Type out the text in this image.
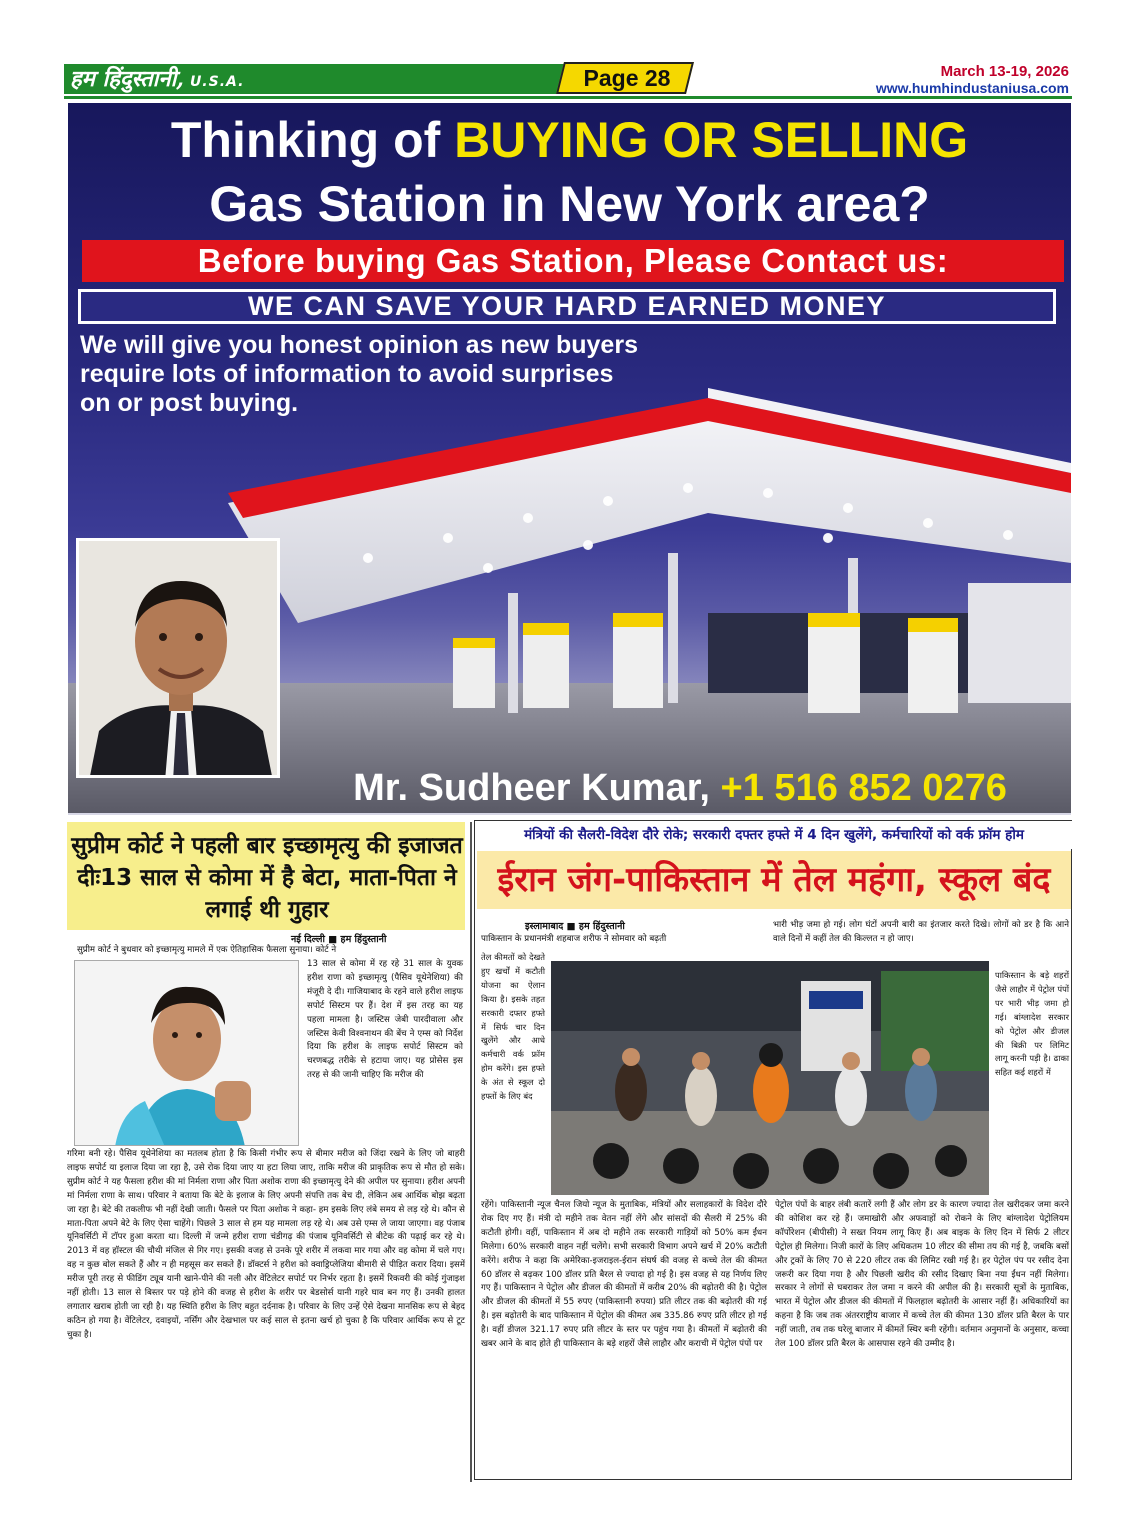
हम हिंदुस्तानी, U.S.A.	Page 28	March 13-19, 2026
www.humhindustaniusa.com
Thinking of BUYING OR SELLING
Gas Station in New York area?
Before buying Gas Station, Please Contact us:
WE CAN SAVE YOUR HARD EARNED MONEY
We will give you honest opinion as new buyers require lots of information to avoid surprises on or post buying.
Mr. Sudheer Kumar, +1 516 852 0276
सुप्रीम कोर्ट ने पहली बार इच्छामृत्यु की इजाजत दीः13 साल से कोमा में है बेटा, माता-पिता ने लगाई थी गुहार
नई दिल्ली ■ हम हिंदुस्तानी
सुप्रीम कोर्ट ने बुधवार को इच्छामृत्यु मामले में एक ऐतिहासिक फैसला सुनाया। कोर्ट ने
13 साल से कोमा में रह रहे 31 साल के युवक हरीश राणा को इच्छामृत्यु (पैसिव यूथेनेशिया) की मंजूरी दे दी। गाजियाबाद के रहने वाले हरीश लाइफ सपोर्ट सिस्टम पर हैं। देश में इस तरह का यह पहला मामला है। जस्टिस जेबी पारदीवाला और जस्टिस केवी विश्वनाथन की बेंच ने एम्स को निर्देश दिया कि हरीश के लाइफ सपोर्ट सिस्टम को चरणबद्ध तरीके से हटाया जाए। यह प्रोसेस इस तरह से की जानी चाहिए कि मरीज की
गरिमा बनी रहे। पैसिव यूथेनेशिया का मतलब होता है कि किसी गंभीर रूप से बीमार मरीज को जिंदा रखने के लिए जो बाहरी लाइफ सपोर्ट या इलाज दिया जा रहा है, उसे रोक दिया जाए या हटा लिया जाए, ताकि मरीज की प्राकृतिक रूप से मौत हो सके। सुप्रीम कोर्ट ने यह फैसला हरीश की मां निर्मला राणा और पिता अशोक राणा की इच्छामृत्यु देने की अपील पर सुनाया। हरीश अपनी मां निर्मला राणा के साथ। परिवार ने बताया कि बेटे के इलाज के लिए अपनी संपत्ति तक बेच दी, लेकिन अब आर्थिक बोझ बढ़ता जा रहा है। बेटे की तकलीफ भी नहीं देखी जाती। फैसले पर पिता अशोक ने कहा- हम इसके लिए लंबे समय से लड़ रहे थे। कौन से माता-पिता अपने बेटे के लिए ऐसा चाहेंगे। पिछले 3 साल से हम यह मामला लड़ रहे थे। अब उसे एम्स ले जाया जाएगा। वह पंजाब यूनिवर्सिटी में टॉपर हुआ करता था। दिल्ली में जन्मे हरीश राणा चंडीगढ़ की पंजाब यूनिवर्सिटी से बीटेक की पढ़ाई कर रहे थे। 2013 में वह हॉस्टल की चौथी मंजिल से गिर गए। इसकी वजह से उनके पूरे शरीर में लकवा मार गया और वह कोमा में चले गए। वह न कुछ बोल सकते हैं और न ही महसूस कर सकते हैं। डॉक्टर्स ने हरीश को क्वाड्रिप्लेजिया बीमारी से पीड़ित करार दिया। इसमें मरीज पूरी तरह से फीडिंग ट्यूब यानी खाने-पीने की नली और वेंटिलेटर सपोर्ट पर निर्भर रहता है। इसमें रिकवरी की कोई गुंजाइश नहीं होती। 13 साल से बिस्तर पर पड़े होने की वजह से हरीश के शरीर पर बेडसोर्स यानी गहरे घाव बन गए हैं। उनकी हालत लगातार खराब होती जा रही है। यह स्थिति हरीश के लिए बहुत दर्दनाक है। परिवार के लिए उन्हें ऐसे देखना मानसिक रूप से बेहद कठिन हो गया है। वेंटिलेटर, दवाइयों, नर्सिंग और देखभाल पर कई साल से इतना खर्च हो चुका है कि परिवार आर्थिक रूप से टूट चुका है।
मंत्रियों की सैलरी-विदेश दौरे रोके; सरकारी दफ्तर हफ्ते में 4 दिन खुलेंगे, कर्मचारियों को वर्क फ्रॉम होम
ईरान जंग-पाकिस्तान में तेल महंगा, स्कूल बंद
इस्लामाबाद ■ हम हिंदुस्तानी
पाकिस्तान के प्रधानमंत्री शहबाज शरीफ ने सोमवार को बढ़ती
तेल कीमतों को देखते हुए खर्चों में कटौती योजना का ऐलान किया है। इसके तहत सरकारी दफ्तर हफ्ते में सिर्फ चार दिन खुलेंगे और आधे कर्मचारी वर्क फ्रॉम होम करेंगे। इस हफ्ते के अंत से स्कूल दो हफ्तों के लिए बंद
भारी भीड़ जमा हो गई। लोग घंटों अपनी बारी का इंतजार करते दिखे। लोगों को डर है कि आने वाले दिनों में कहीं तेल की किल्लत न हो जाए।
पाकिस्तान के बड़े शहरों जैसे लाहौर में पेट्रोल पंपों पर भारी भीड़ जमा हो गई। बांग्लादेश सरकार को पेट्रोल और डीजल की बिक्री पर लिमिट लागू करनी पड़ी है। ढाका सहित कई शहरों में
रहेंगे। पाकिस्तानी न्यूज चैनल जियो न्यूज के मुताबिक, मंत्रियों और सलाहकारों के विदेश दौरे रोक दिए गए हैं। मंत्री दो महीने तक वेतन नहीं लेंगे और सांसदों की सैलरी में 25% की कटौती होगी। वहीं, पाकिस्तान में अब दो महीने तक सरकारी गाड़ियों को 50% कम ईंधन मिलेगा। 60% सरकारी वाहन नहीं चलेंगे। सभी सरकारी विभाग अपने खर्च में 20% कटौती करेंगे। शरीफ ने कहा कि अमेरिका-इजराइल-ईरान संघर्ष की वजह से कच्चे तेल की कीमत 60 डॉलर से बढ़कर 100 डॉलर प्रति बैरल से ज्यादा हो गई है। इस वजह से यह निर्णय लिए गए हैं। पाकिस्तान ने पेट्रोल और डीजल की कीमतों में करीब 20% की बढ़ोतरी की है। पेट्रोल और डीजल की कीमतों में 55 रुपए (पाकिस्तानी रुपया) प्रति लीटर तक की बढ़ोतरी की गई है। इस बढ़ोतरी के बाद पाकिस्तान में पेट्रोल की कीमत अब 335.86 रुपए प्रति लीटर हो गई है। वहीं डीजल 321.17 रुपए प्रति लीटर के स्तर पर पहुंच गया है। कीमतों में बढ़ोतरी की खबर आने के बाद होते ही पाकिस्तान के बड़े शहरों जैसे लाहौर और कराची में पेट्रोल पंपों पर
पेट्रोल पंपों के बाहर लंबी कतारें लगी हैं और लोग डर के कारण ज्यादा तेल खरीदकर जमा करने की कोशिश कर रहे हैं। जमाखोरी और अफवाहों को रोकने के लिए बांग्लादेश पेट्रोलियम कॉर्पोरेशन (बीपीसी) ने सख्त नियम लागू किए हैं। अब बाइक के लिए दिन में सिर्फ 2 लीटर पेट्रोल ही मिलेगा। निजी कारों के लिए अधिकतम 10 लीटर की सीमा तय की गई है, जबकि बसों और ट्रकों के लिए 70 से 220 लीटर तक की लिमिट रखी गई है। हर पेट्रोल पंप पर रसीद देना जरूरी कर दिया गया है और पिछली खरीद की रसीद दिखाए बिना नया ईंधन नहीं मिलेगा। सरकार ने लोगों से घबराकर तेल जमा न करने की अपील की है। सरकारी सूत्रों के मुताबिक, भारत में पेट्रोल और डीजल की कीमतों में फिलहाल बढ़ोतरी के आसार नहीं हैं। अधिकारियों का कहना है कि जब तक अंतरराष्ट्रीय बाजार में कच्चे तेल की कीमत 130 डॉलर प्रति बैरल के पार नहीं जाती, तब तक घरेलू बाजार में कीमतें स्थिर बनी रहेंगी। वर्तमान अनुमानों के अनुसार, कच्चा तेल 100 डॉलर प्रति बैरल के आसपास रहने की उम्मीद है।
